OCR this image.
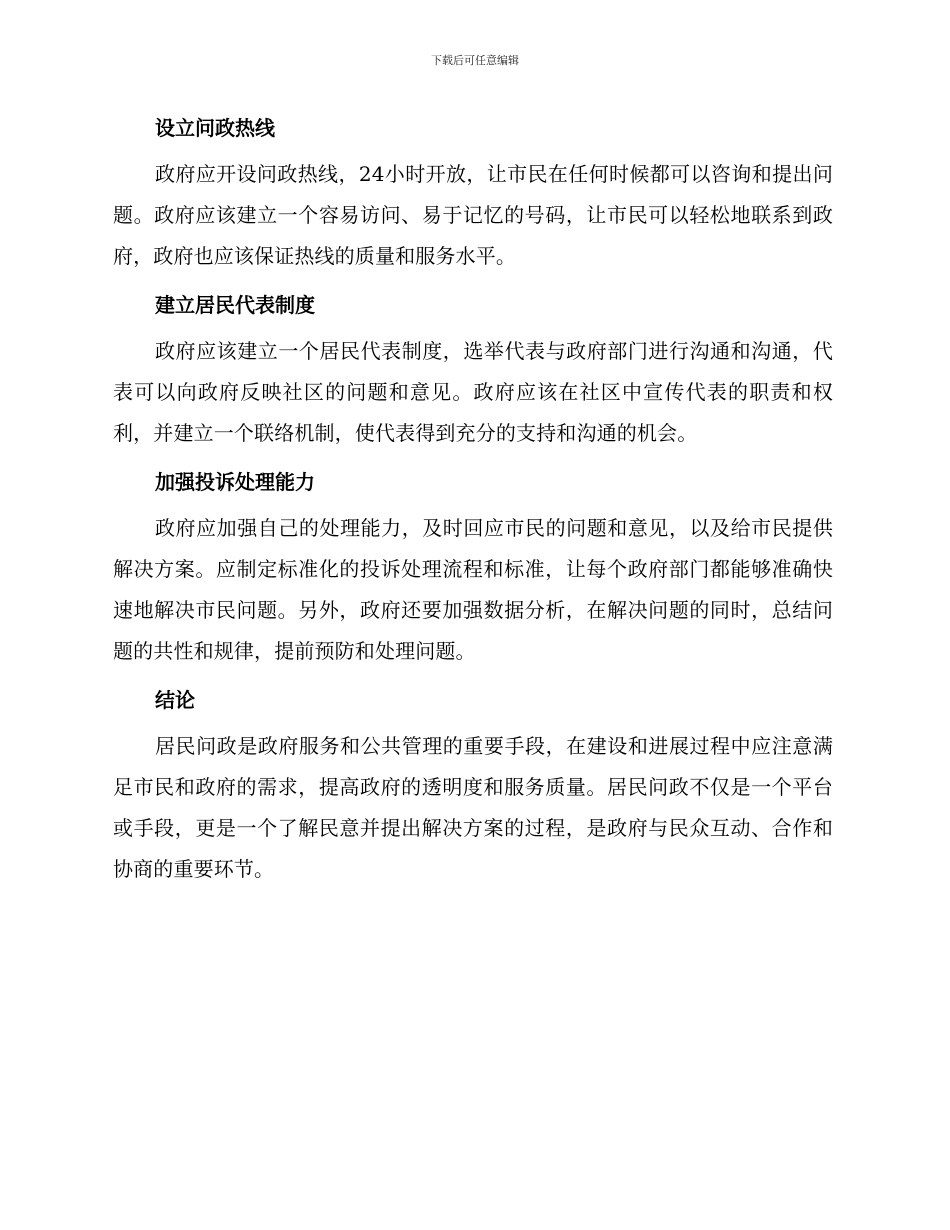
下载后可任意编辑
设立问政热线

政府应开设问政热线，24小时开放，让市民在任何时候都可以咨询和提出问题。政府应该建立一个容易访问、易于记忆的号码，让市民可以轻松地联系到政府，政府也应该保证热线的质量和服务水平。

建立居民代表制度

政府应该建立一个居民代表制度，选举代表与政府部门进行沟通和沟通，代表可以向政府反映社区的问题和意见。政府应该在社区中宣传代表的职责和权利，并建立一个联络机制，使代表得到充分的支持和沟通的机会。

加强投诉处理能力

政府应加强自己的处理能力，及时回应市民的问题和意见，以及给市民提供解决方案。应制定标准化的投诉处理流程和标准，让每个政府部门都能够准确快速地解决市民问题。另外，政府还要加强数据分析，在解决问题的同时，总结问题的共性和规律，提前预防和处理问题。

结论

居民问政是政府服务和公共管理的重要手段，在建设和进展过程中应注意满足市民和政府的需求，提高政府的透明度和服务质量。居民问政不仅是一个平台或手段，更是一个了解民意并提出解决方案的过程，是政府与民众互动、合作和协商的重要环节。
